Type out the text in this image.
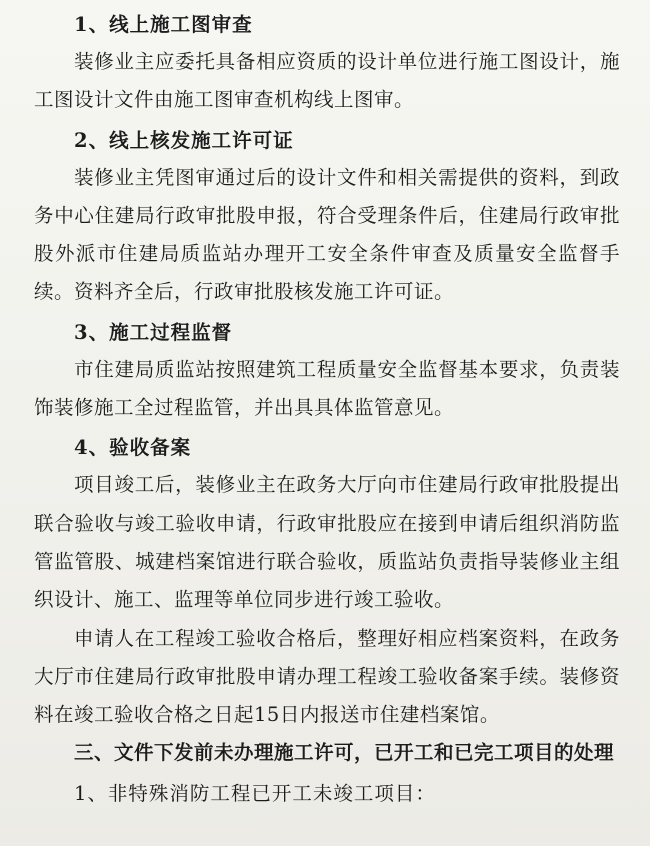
1、线上施工图审查

装修业主应委托具备相应资质的设计单位进行施工图设计，施工图设计文件由施工图审查机构线上图审。

2、线上核发施工许可证

装修业主凭图审通过后的设计文件和相关需提供的资料，到政务中心住建局行政审批股申报，符合受理条件后，住建局行政审批股外派市住建局质监站办理开工安全条件审查及质量安全监督手续。资料齐全后，行政审批股核发施工许可证。

3、施工过程监督

市住建局质监站按照建筑工程质量安全监督基本要求，负责装饰装修施工全过程监管，并出具具体监管意见。

4、验收备案

项目竣工后，装修业主在政务大厅向市住建局行政审批股提出联合验收与竣工验收申请，行政审批股应在接到申请后组织消防监管监管股、城建档案馆进行联合验收，质监站负责指导装修业主组织设计、施工、监理等单位同步进行竣工验收。

申请人在工程竣工验收合格后，整理好相应档案资料，在政务大厅市住建局行政审批股申请办理工程竣工验收备案手续。装修资料在竣工验收合格之日起15日内报送市住建档案馆。

三、文件下发前未办理施工许可，已开工和已完工项目的处理

1、非特殊消防工程已开工未竣工项目：
